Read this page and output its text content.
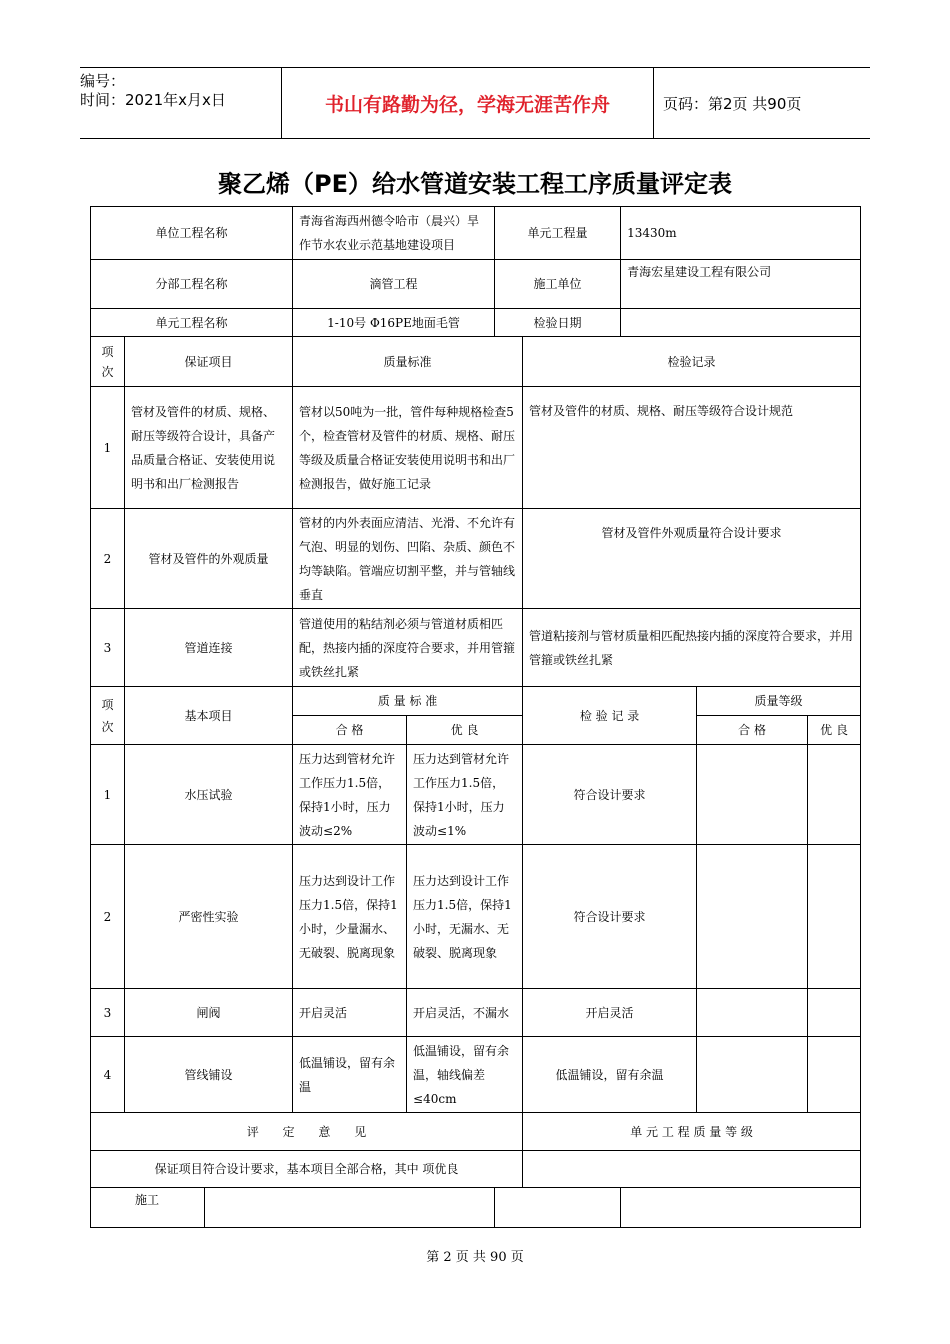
编号：
时间：2021年x月x日	书山有路勤为径，学海无涯苦作舟	页码：第2页 共90页
聚乙烯（PE）给水管道安装工程工序质量评定表
单位工程名称			青海省海西州德令哈市（晨兴）旱作节水农业示范基地建设项目		单元工程量		13430m		
分部工程名称			滴管工程		施工单位		青海宏星建设工程有限公司		
单元工程名称			1-10号 Φ16PE地面毛管		检验日期				
项次	保证项目		质量标准			检验记录			
1	管材及管件的材质、规格、耐压等级符合设计，具备产品质量合格证、安装使用说明书和出厂检测报告		管材以50吨为一批，管件每种规格检查5个，检查管材及管件的材质、规格、耐压等级及质量合格证安装使用说明书和出厂检测报告，做好施工记录			管材及管件的材质、规格、耐压等级符合设计规范			
2	管材及管件的外观质量		管材的内外表面应清洁、光滑、不允许有气泡、明显的划伤、凹陷、杂质、颜色不均等缺陷。管端应切割平整，并与管轴线垂直			管材及管件外观质量符合设计要求			
3	管道连接		管道使用的粘结剂必须与管道材质相匹配，热接内插的深度符合要求，并用管箍或铁丝扎紧			管道粘接剂与管材质量相匹配热接内插的深度符合要求，并用管箍或铁丝扎紧			
项次	基本项目		质 量 标 准			检 验 记 录		质量等级	
			合 格	优 良				合 格	优 良
1	水压试验		压力达到管材允许工作压力1.5倍，保持1小时，压力波动≤2%	压力达到管材允许工作压力1.5倍，保持1小时，压力波动≤1%		符合设计要求			
2	严密性实验		压力达到设计工作压力1.5倍，保持1小时，少量漏水、无破裂、脱离现象	压力达到设计工作压力1.5倍，保持1小时，无漏水、无破裂、脱离现象		符合设计要求			
3	闸阀		开启灵活	开启灵活，不漏水		开启灵活			
4	管线铺设		低温铺设，留有余温	低温铺设，留有余温，轴线偏差≤40cm		低温铺设，留有余温			
评 定 意 见						单 元 工 程 质 量 等 级			
保证项目符合设计要求，基本项目全部合格，其中 项优良									
施工									
第 2 页 共 90 页
